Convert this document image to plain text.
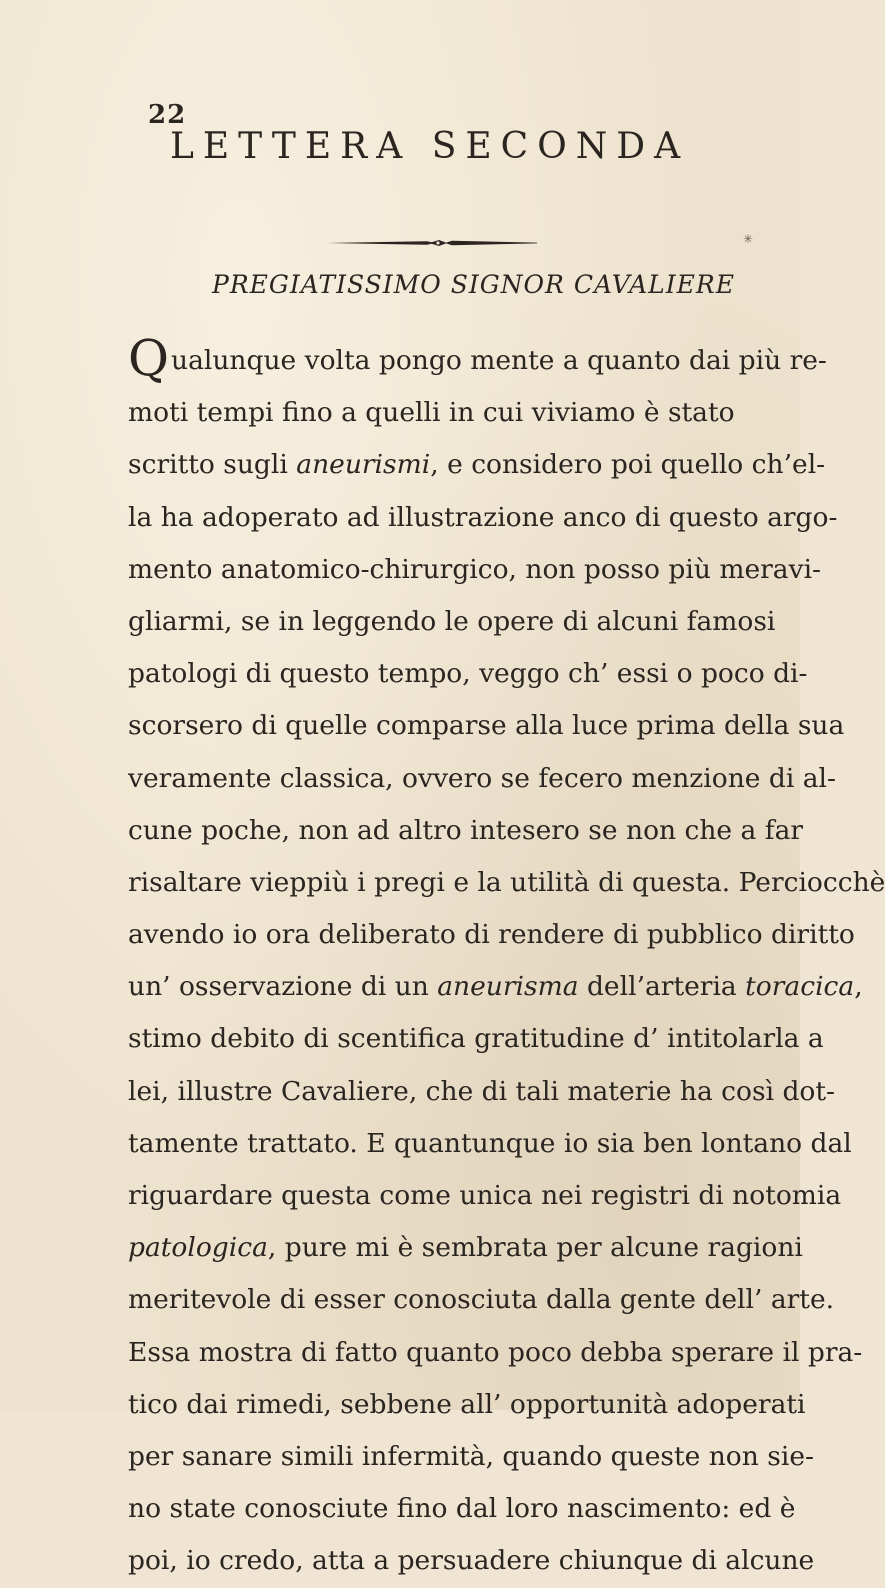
22
LETTERA SECONDA
✳
PREGIATISSIMO SIGNOR CAVALIERE
Qualunque volta pongo mente a quanto dai più re-
moti tempi fino a quelli in cui viviamo è stato
scritto sugli aneurismi, e considero poi quello ch’el-
la ha adoperato ad illustrazione anco di questo argo-
mento anatomico-chirurgico, non posso più meravi-
gliarmi, se in leggendo le opere di alcuni famosi
patologi di questo tempo, veggo ch’ essi o poco di-
scorsero di quelle comparse alla luce prima della sua
veramente classica, ovvero se fecero menzione di al-
cune poche, non ad altro intesero se non che a far
risaltare vieppiù i pregi e la utilità di questa. Perciocchè
avendo io ora deliberato di rendere di pubblico diritto
un’ osservazione di un aneurisma dell’arteria toracica,
stimo debito di scentifica gratitudine d’ intitolarla a
lei, illustre Cavaliere, che di tali materie ha così dot-
tamente trattato. E quantunque io sia ben lontano dal
riguardare questa come unica nei registri di notomia
patologica, pure mi è sembrata per alcune ragioni
meritevole di esser conosciuta dalla gente dell’ arte.
Essa mostra di fatto quanto poco debba sperare il pra-
tico dai rimedi, sebbene all’ opportunità adoperati
per sanare simili infermità, quando queste non sie-
no state conosciute fino dal loro nascimento: ed è
poi, io credo, atta a persuadere chiunque di alcune
